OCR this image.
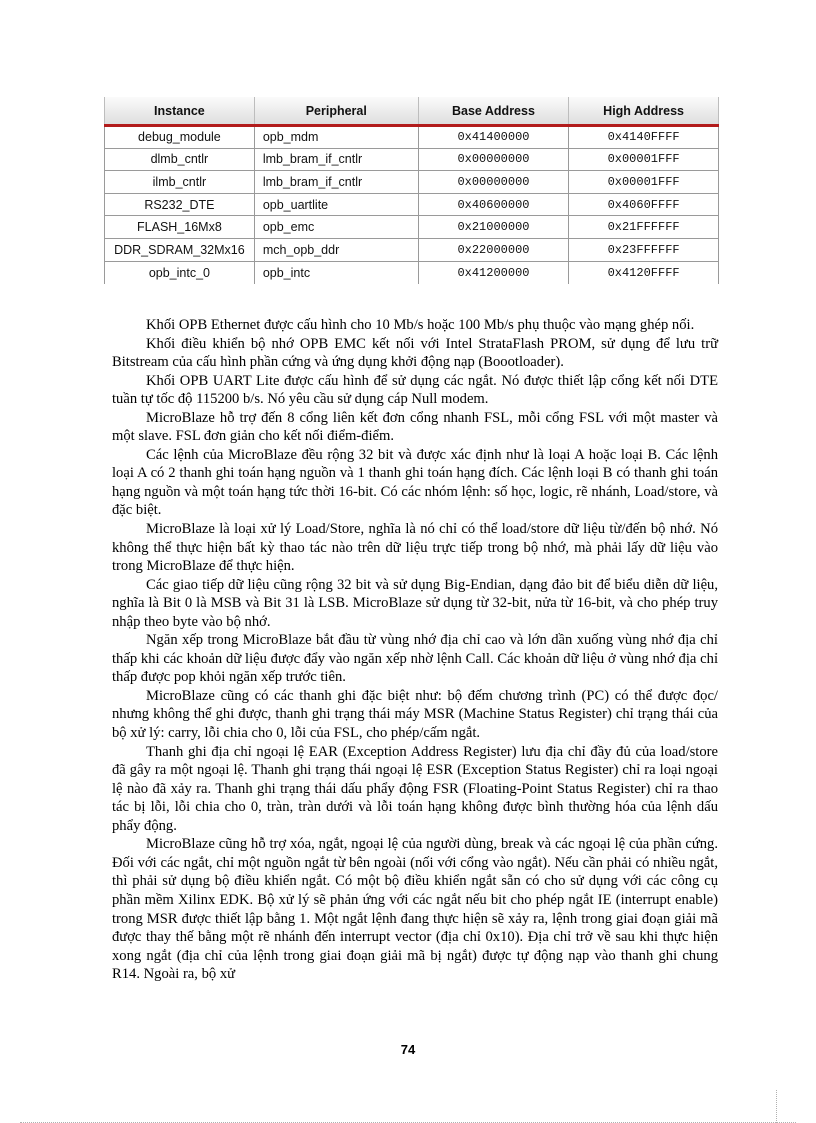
Instance	Peripheral	Base Address	High Address
debug_module	opb_mdm	0x41400000	0x4140FFFF
dlmb_cntlr	lmb_bram_if_cntlr	0x00000000	0x00001FFF
ilmb_cntlr	lmb_bram_if_cntlr	0x00000000	0x00001FFF
RS232_DTE	opb_uartlite	0x40600000	0x4060FFFF
FLASH_16Mx8	opb_emc	0x21000000	0x21FFFFFF
DDR_SDRAM_32Mx16	mch_opb_ddr	0x22000000	0x23FFFFFF
opb_intc_0	opb_intc	0x41200000	0x4120FFFF

Khối OPB Ethernet được cấu hình cho 10 Mb/s hoặc 100 Mb/s phụ thuộc vào mạng ghép nối.

Khối điều khiển bộ nhớ OPB EMC kết nối với Intel StrataFlash PROM, sử dụng để lưu trữ Bitstream của cấu hình phần cứng và ứng dụng khởi động nạp (Boootloader).

Khối OPB UART Lite được cấu hình để sử dụng các ngắt. Nó được thiết lập cổng kết nối DTE tuần tự tốc độ 115200 b/s. Nó yêu cầu sử dụng cáp Null modem.

MicroBlaze hỗ trợ đến 8 cổng liên kết đơn cổng nhanh FSL, mỗi cổng FSL với một master và một slave. FSL đơn giản cho kết nối điểm-điểm.

Các lệnh của MicroBlaze đều rộng 32 bit và được xác định như là loại A hoặc loại B. Các lệnh loại A có 2 thanh ghi toán hạng nguồn và 1 thanh ghi toán hạng đích. Các lệnh loại B có thanh ghi toán hạng nguồn và một toán hạng tức thời 16-bit. Có các nhóm lệnh: số học, logic, rẽ nhánh, Load/store, và đặc biệt.

MicroBlaze là loại xử lý Load/Store, nghĩa là nó chỉ có thể load/store dữ liệu từ/đến bộ nhớ. Nó không thể thực hiện bất kỳ thao tác nào trên dữ liệu trực tiếp trong bộ nhớ, mà phải lấy dữ liệu vào trong MicroBlaze để thực hiện.

Các giao tiếp dữ liệu cũng rộng 32 bit và sử dụng Big-Endian, dạng đảo bit để biểu diễn dữ liệu, nghĩa là Bit 0 là MSB và Bit 31 là LSB. MicroBlaze sử dụng từ 32-bit, nửa từ 16-bit, và cho phép truy nhập theo byte vào bộ nhớ.

Ngăn xếp trong MicroBlaze bắt đầu từ vùng nhớ địa chỉ cao và lớn dần xuống vùng nhớ địa chỉ thấp khi các khoản dữ liệu được đẩy vào ngăn xếp nhờ lệnh Call. Các khoản dữ liệu ở vùng nhớ địa chỉ thấp được pop khỏi ngăn xếp trước tiên.

MicroBlaze cũng có các thanh ghi đặc biệt như: bộ đếm chương trình (PC) có thể được đọc/ nhưng không thể ghi được, thanh ghi trạng thái máy MSR (Machine Status Register) chỉ trạng thái của bộ xử lý: carry, lỗi chia cho 0, lỗi của FSL, cho phép/cấm ngắt.

Thanh ghi địa chỉ ngoại lệ EAR (Exception Address Register) lưu địa chỉ đầy đủ của load/store đã gây ra một ngoại lệ. Thanh ghi trạng thái ngoại lệ ESR (Exception Status Register) chỉ ra loại ngoại lệ nào đã xảy ra. Thanh ghi trạng thái dấu phẩy động FSR (Floating-Point Status Register) chỉ ra thao tác bị lỗi, lỗi chia cho 0, tràn, tràn dưới và lỗi toán hạng không được bình thường hóa của lệnh dấu phẩy động.

MicroBlaze cũng hỗ trợ xóa, ngắt, ngoại lệ của người dùng, break và các ngoại lệ của phần cứng. Đối với các ngắt, chỉ một nguồn ngắt từ bên ngoài (nối với cổng vào ngắt). Nếu cần phải có nhiều ngắt, thì phải sử dụng bộ điều khiển ngắt. Có một bộ điều khiển ngắt sẵn có cho sử dụng với các công cụ phần mềm Xilinx EDK. Bộ xử lý sẽ phản ứng với các ngắt nếu bit cho phép ngắt IE (interrupt enable) trong MSR được thiết lập bằng 1. Một ngắt lệnh đang thực hiện sẽ xảy ra, lệnh trong giai đoạn giải mã được thay thế bằng một rẽ nhánh đến interrupt vector (địa chỉ 0x10). Địa chỉ trở về sau khi thực hiện xong ngắt (địa chỉ của lệnh trong giai đoạn giải mã bị ngắt) được tự động nạp vào thanh ghi chung R14. Ngoài ra, bộ xử

74
